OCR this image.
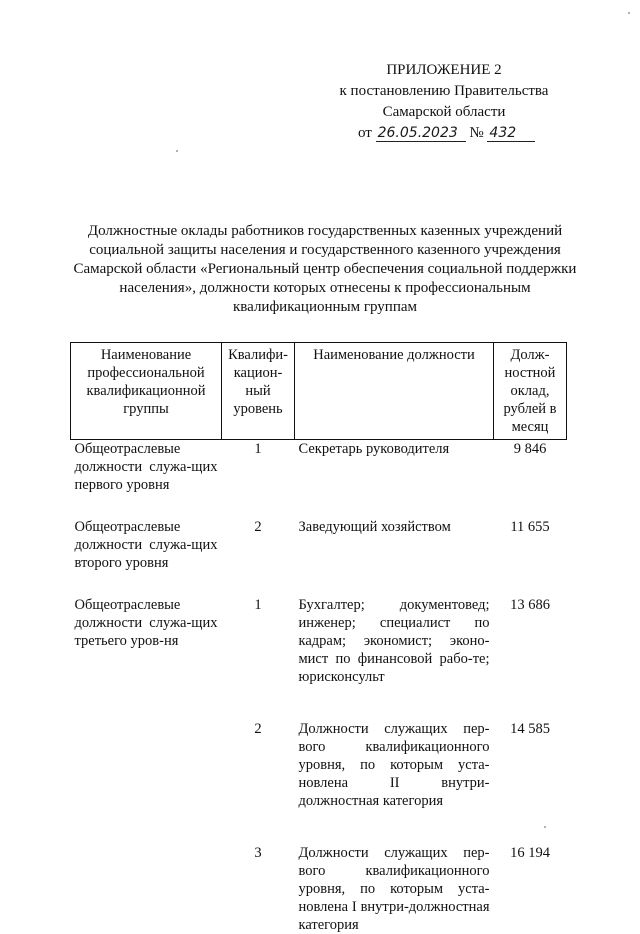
ПРИЛОЖЕНИЕ 2
к постановлению Правительства
Самарской области
от 26.05.2023 № 432
Должностные оклады работников государственных казенных учреждений социальной защиты населения и государственного казенного учреждения Самарской области «Региональный центр обеспечения социальной поддержки населения», должности которых отнесены к профессиональным квалификационным группам
Наименование профессиональной квалификационной группы	Квалифи-кацион-ный уровень	Наименование должности	Долж-ностной оклад, рублей в месяц
Общеотраслевые должности служа-щих первого уровня	1	Секретарь руководителя	9 846

Общеотраслевые должности служа-щих второго уровня	2	Заведующий хозяйством	11 655

Общеотраслевые должности служа-щих третьего уров-ня	1	Бухгалтер; документовед; инженер; специалист по кадрам; экономист; эконо-мист по финансовой рабо-те; юрисконсульт	13 686

	2	Должности служащих пер-вого квалификационного уровня, по которым уста-новлена II внутри-должностная категория	14 585

	3	Должности служащих пер-вого квалификационного уровня, по которым уста-новлена I внутри-должностная категория	16 194
